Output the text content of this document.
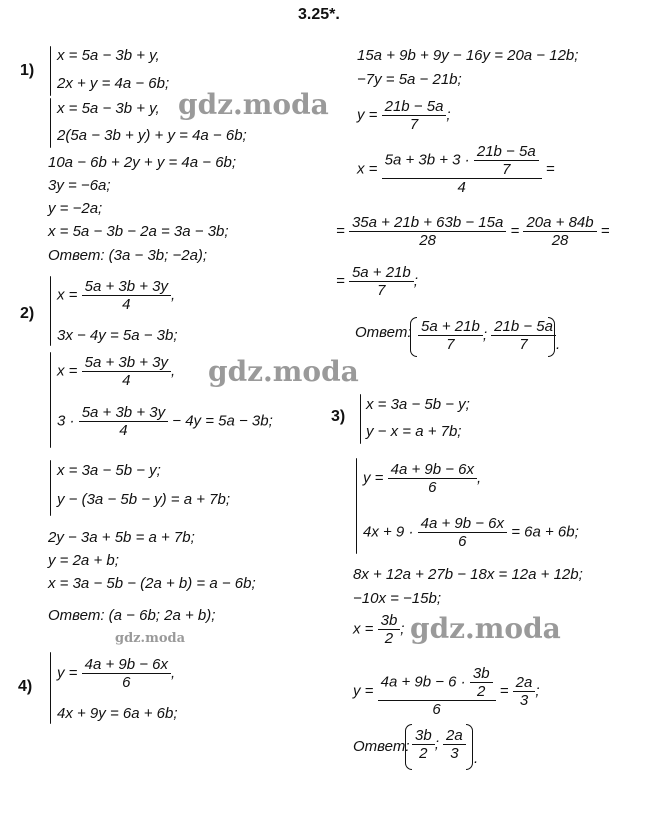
3.25*.
1)
x = 5a − 3b + y,
2x + y = 4a − 6b;
x = 5a − 3b + y,
2(5a − 3b + y) + y = 4a − 6b;
10a − 6b + 2y + y = 4a − 6b;
3y = −6a;
y = −2a;
x = 5a − 3b − 2a = 3a − 3b;
Ответ: (3a − 3b; −2a);
2)
$x = \frac{5a + 3b + 3y}{4}$ ,
3x − 4y = 5a − 3b;
$x = \frac{5a + 3b + 3y}{4}$ ,
$3 \cdot \frac{5a + 3b + 3y}{4} - 4y = 5a - 3b$;
x = 3a − 5b − y;
y − (3a − 5b − y) = a + 7b;
2y − 3a + 5b = a + 7b;
y = 2a + b;
x = 3a − 5b − (2a + b) = a − 6b;
Ответ: (a − 6b; 2a + b);
4)
$y = \frac{4a + 9b - 6x}{6}$ ,
4x + 9y = 6a + 6b;
15a + 9b + 9y − 16y = 20a − 12b;
−7y = 5a − 21b;
$y = \frac{21b - 5a}{7}$ ;
$x = \frac{5a + 3b + 3 \cdot \frac{21b - 5a}{7}}{4}$ =
= $\frac{35a + 21b + 63b - 15a}{28} = \frac{20a + 84b}{28}$ =
= $\frac{5a + 21b}{7}$ ;
Ответ: $\frac{5a + 21b}{7}$ ; $\frac{21b - 5a}{7}$ .
3)
x = 3a − 5b − y;
y − x = a + 7b;
$y = \frac{4a + 9b - 6x}{6}$ ,
$4x + 9 \cdot \frac{4a + 9b - 6x}{6} = 6a + 6b$;
8x + 12a + 27b − 18x = 12a + 12b;
−10x = −15b;
$x = \frac{3b}{2}$ ;
$y = \frac{4a + 9b - 6 \cdot \frac{3b}{2}}{6} = \frac{2a}{3}$ ;
Ответ: $\frac{3b}{2}$ ; $\frac{2a}{3}$ .
gdz.moda
gdz.moda
gdz.moda
gdz.moda
